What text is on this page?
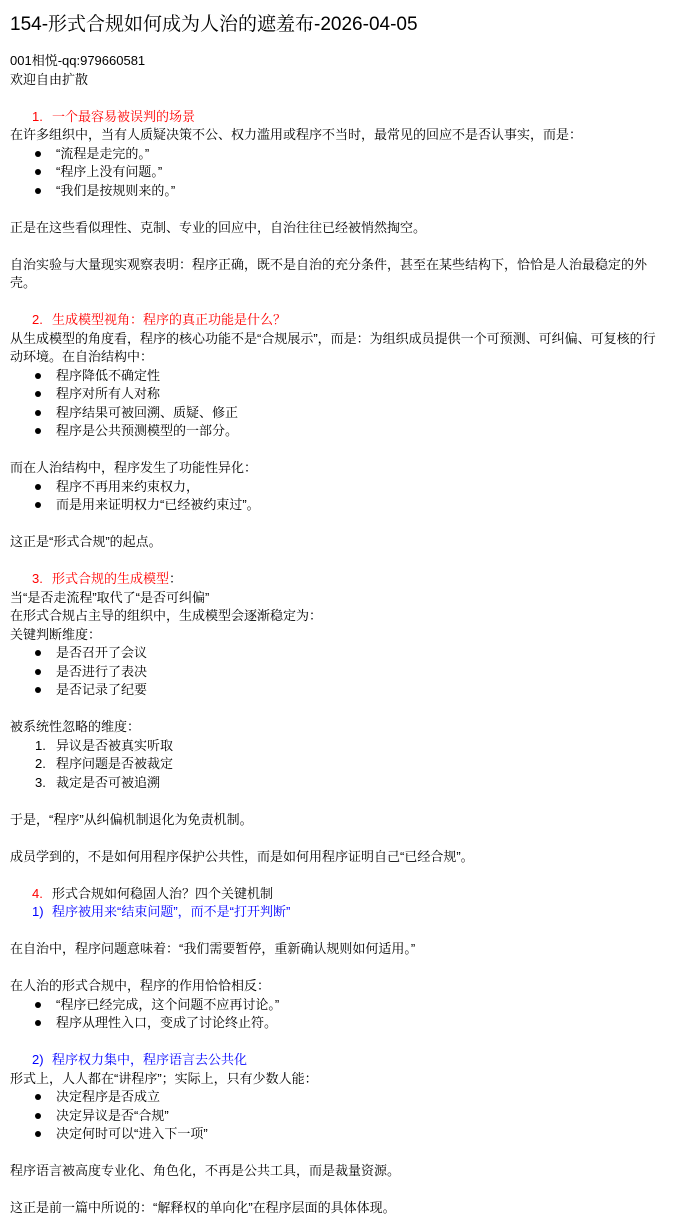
154-形式合规如何成为人治的遮羞布-2026-04-05

001相悦-qq:979660581

欢迎自由扩散

1. 一个最容易被误判的场景

在许多组织中，当有人质疑决策不公、权力滥用或程序不当时，最常见的回应不是否认事实，而是：

“流程是走完的。”
“程序上没有问题。”
“我们是按规则来的。”

正是在这些看似理性、克制、专业的回应中，自治往往已经被悄然掏空。

自治实验与大量现实观察表明：程序正确，既不是自治的充分条件，甚至在某些结构下，恰恰是人治最稳定的外壳。

2. 生成模型视角：程序的真正功能是什么？

从生成模型的角度看，程序的核心功能不是“合规展示”，而是：为组织成员提供一个可预测、可纠偏、可复核的行动环境。在自治结构中：

程序降低不确定性
程序对所有人对称
程序结果可被回溯、质疑、修正
程序是公共预测模型的一部分。

而在人治结构中，程序发生了功能性异化：

程序不再用来约束权力，
而是用来证明权力“已经被约束过”。

这正是“形式合规”的起点。

3. 形式合规的生成模型：

当“是否走流程”取代了“是否可纠偏”

在形式合规占主导的组织中，生成模型会逐渐稳定为：

关键判断维度：

是否召开了会议
是否进行了表决
是否记录了纪要

被系统性忽略的维度：

1. 异议是否被真实听取
2. 程序问题是否被裁定
3. 裁定是否可被追溯

于是，“程序”从纠偏机制退化为免责机制。

成员学到的，不是如何用程序保护公共性，而是如何用程序证明自己“已经合规”。

4. 形式合规如何稳固人治？四个关键机制

1) 程序被用来“结束问题”，而不是“打开判断”

在自治中，程序问题意味着：“我们需要暂停，重新确认规则如何适用。”

在人治的形式合规中，程序的作用恰恰相反：

“程序已经完成，这个问题不应再讨论。”
程序从理性入口，变成了讨论终止符。

2) 程序权力集中，程序语言去公共化

形式上，人人都在“讲程序”；实际上，只有少数人能：

决定程序是否成立
决定异议是否“合规”
决定何时可以“进入下一项”

程序语言被高度专业化、角色化，不再是公共工具，而是裁量资源。

这正是前一篇中所说的：“解释权的单向化”在程序层面的具体体现。
